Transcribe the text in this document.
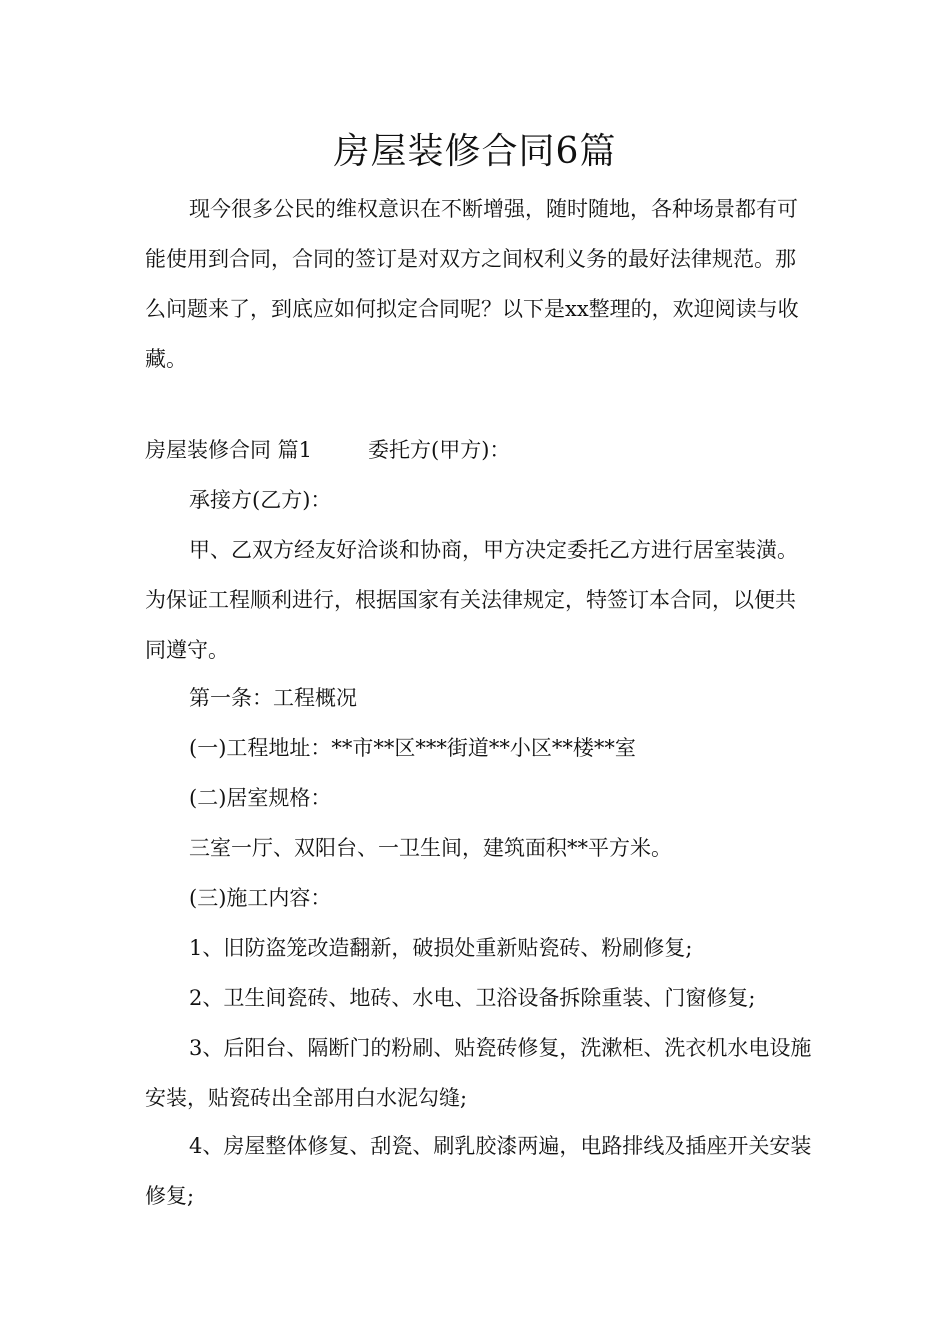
房屋装修合同6篇

现今很多公民的维权意识在不断增强，随时随地，各种场景都有可能使用到合同，合同的签订是对双方之间权利义务的最好法律规范。那么问题来了，到底应如何拟定合同呢？以下是xx整理的，欢迎阅读与收藏。

房屋装修合同 篇1	委托方(甲方)：
承接方(乙方)：

甲、乙双方经友好洽谈和协商，甲方决定委托乙方进行居室装潢。为保证工程顺利进行，根据国家有关法律规定，特签订本合同，以便共同遵守。

第一条：工程概况
(一)工程地址：**市**区***街道**小区**楼**室
(二)居室规格：
三室一厅、双阳台、一卫生间，建筑面积**平方米。
(三)施工内容：
1、旧防盗笼改造翻新，破损处重新贴瓷砖、粉刷修复;
2、卫生间瓷砖、地砖、水电、卫浴设备拆除重装、门窗修复;

3、后阳台、隔断门的粉刷、贴瓷砖修复，洗漱柜、洗衣机水电设施安装，贴瓷砖出全部用白水泥勾缝;

4、房屋整体修复、刮瓷、刷乳胶漆两遍，电路排线及插座开关安装修复;
